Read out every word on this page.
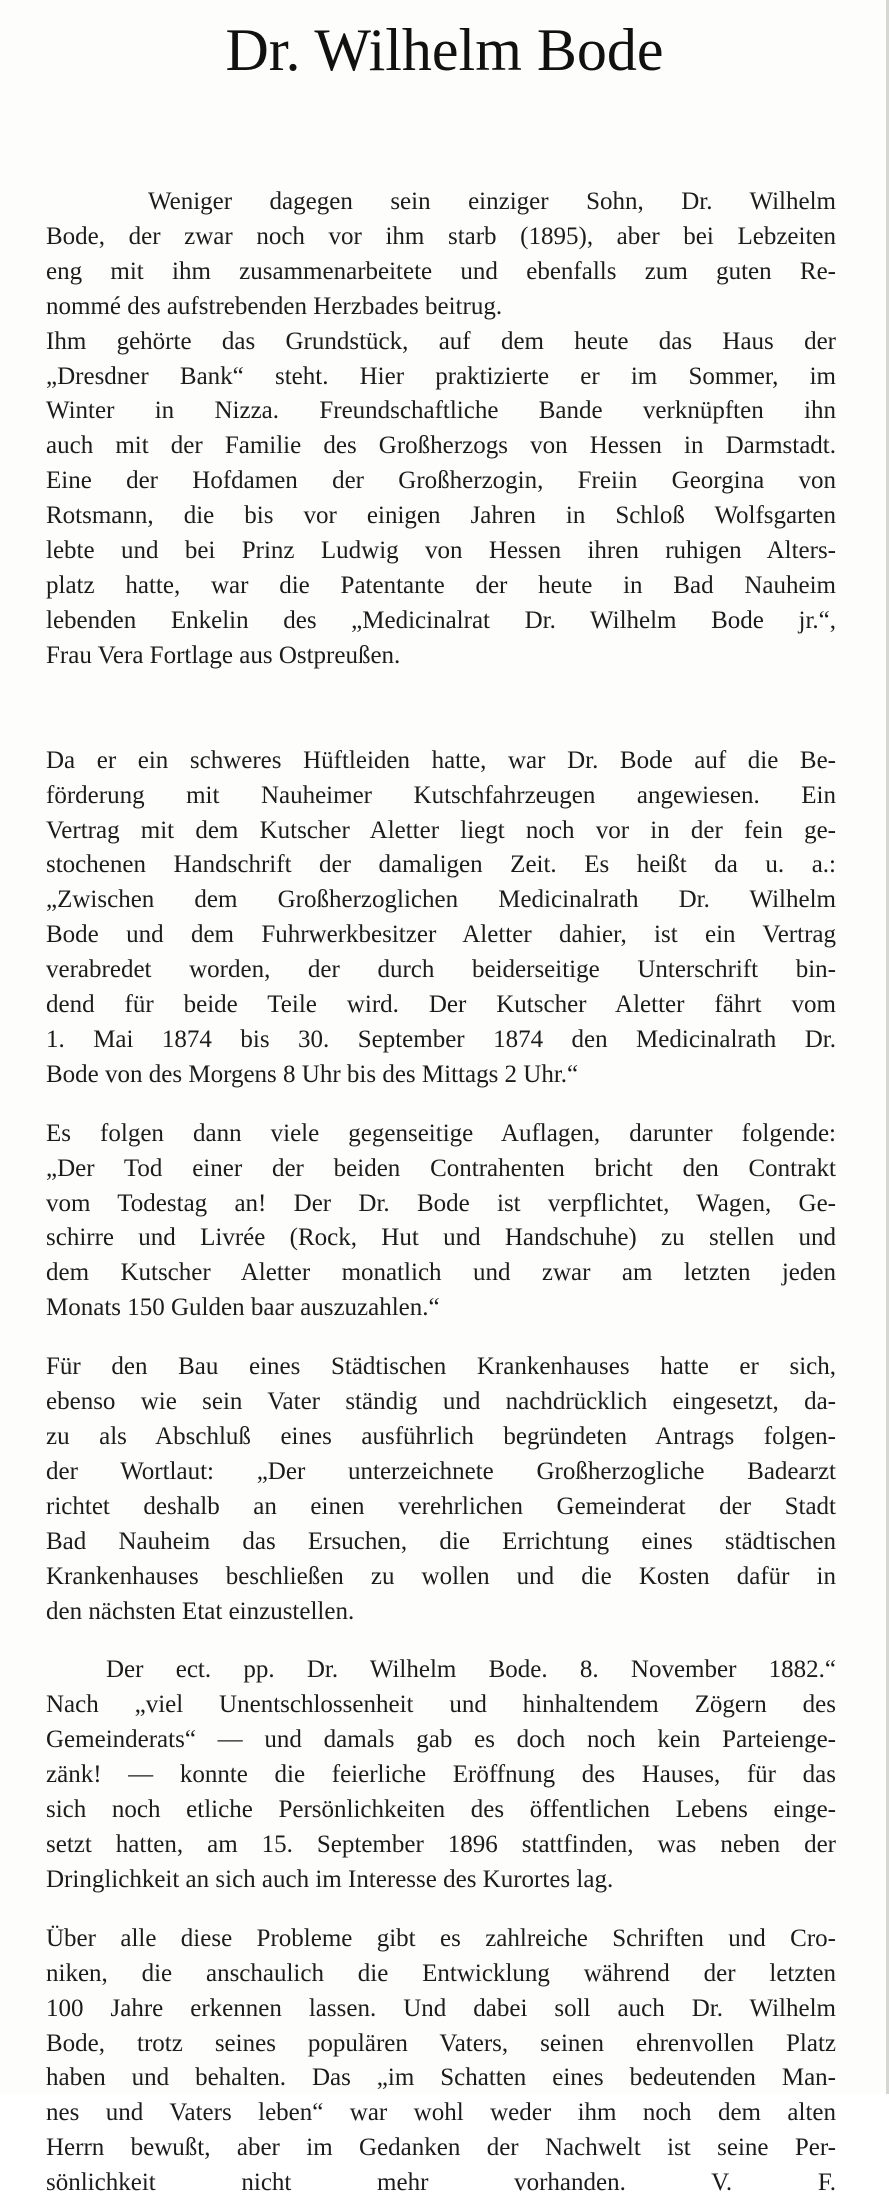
Dr. Wilhelm Bode
Weniger dagegen sein einziger Sohn, Dr. Wilhelm
Bode, der zwar noch vor ihm starb (1895), aber bei Lebzeiten
eng mit ihm zusammenarbeitete und ebenfalls zum guten Re-
nommé des aufstrebenden Herzbades beitrug.
Ihm gehörte das Grundstück, auf dem heute das Haus der
„Dresdner Bank“ steht. Hier praktizierte er im Sommer, im
Winter in Nizza. Freundschaftliche Bande verknüpften ihn
auch mit der Familie des Großherzogs von Hessen in Darmstadt.
Eine der Hofdamen der Großherzogin, Freiin Georgina von
Rotsmann, die bis vor einigen Jahren in Schloß Wolfsgarten
lebte und bei Prinz Ludwig von Hessen ihren ruhigen Alters-
platz hatte, war die Patentante der heute in Bad Nauheim
lebenden Enkelin des „Medicinalrat Dr. Wilhelm Bode jr.“,
Frau Vera Fortlage aus Ostpreußen.
Da er ein schweres Hüftleiden hatte, war Dr. Bode auf die Be-
förderung mit Nauheimer Kutschfahrzeugen angewiesen. Ein
Vertrag mit dem Kutscher Aletter liegt noch vor in der fein ge-
stochenen Handschrift der damaligen Zeit. Es heißt da u. a.:
„Zwischen dem Großherzoglichen Medicinalrath Dr. Wilhelm
Bode und dem Fuhrwerkbesitzer Aletter dahier, ist ein Vertrag
verabredet worden, der durch beiderseitige Unterschrift bin-
dend für beide Teile wird. Der Kutscher Aletter fährt vom
1. Mai 1874 bis 30. September 1874 den Medicinalrath Dr.
Bode von des Morgens 8 Uhr bis des Mittags 2 Uhr.“
Es folgen dann viele gegenseitige Auflagen, darunter folgende:
„Der Tod einer der beiden Contrahenten bricht den Contrakt
vom Todestag an! Der Dr. Bode ist verpflichtet, Wagen, Ge-
schirre und Livrée (Rock, Hut und Handschuhe) zu stellen und
dem Kutscher Aletter monatlich und zwar am letzten jeden
Monats 150 Gulden baar auszuzahlen.“
Für den Bau eines Städtischen Krankenhauses hatte er sich,
ebenso wie sein Vater ständig und nachdrücklich eingesetzt, da-
zu als Abschluß eines ausführlich begründeten Antrags folgen-
der Wortlaut: „Der unterzeichnete Großherzogliche Badearzt
richtet deshalb an einen verehrlichen Gemeinderat der Stadt
Bad Nauheim das Ersuchen, die Errichtung eines städtischen
Krankenhauses beschließen zu wollen und die Kosten dafür in
den nächsten Etat einzustellen.
Der ect. pp. Dr. Wilhelm Bode. 8. November 1882.“
Nach „viel Unentschlossenheit und hinhaltendem Zögern des
Gemeinderats“ — und damals gab es doch noch kein Parteienge-
zänk! — konnte die feierliche Eröffnung des Hauses, für das
sich noch etliche Persönlichkeiten des öffentlichen Lebens einge-
setzt hatten, am 15. September 1896 stattfinden, was neben der
Dringlichkeit an sich auch im Interesse des Kurortes lag.
Über alle diese Probleme gibt es zahlreiche Schriften und Cro-
niken, die anschaulich die Entwicklung während der letzten
100 Jahre erkennen lassen. Und dabei soll auch Dr. Wilhelm
Bode, trotz seines populären Vaters, seinen ehrenvollen Platz
haben und behalten. Das „im Schatten eines bedeutenden Man-
nes und Vaters leben“ war wohl weder ihm noch dem alten
Herrn bewußt, aber im Gedanken der Nachwelt ist seine Per-
sönlichkeit nicht mehr vorhanden.	V. F.
